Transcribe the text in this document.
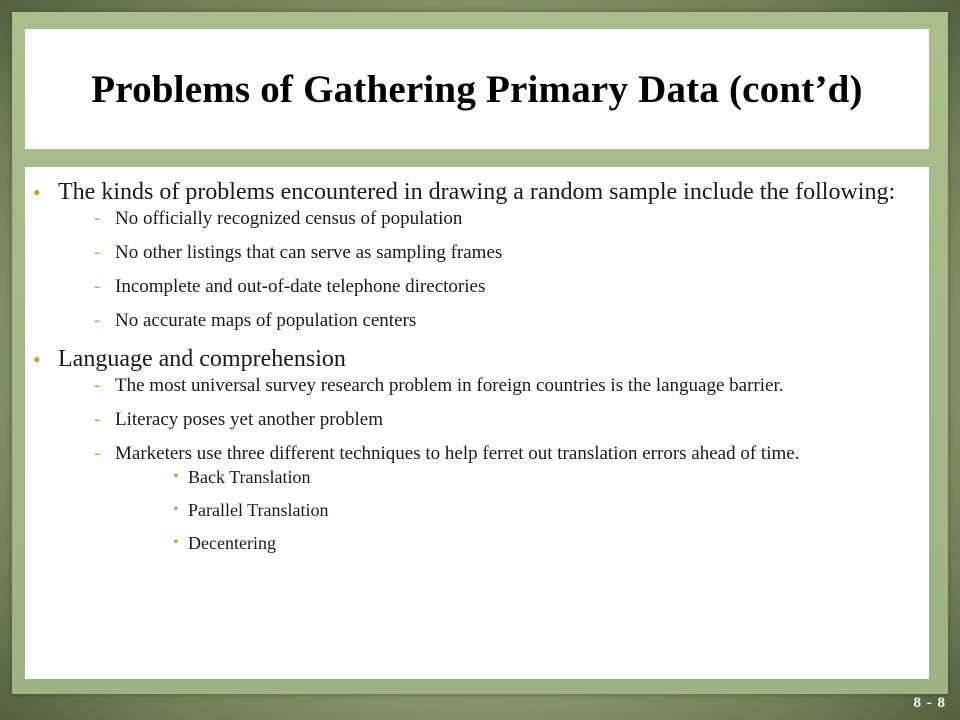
Problems of Gathering Primary Data (cont’d)
• The kinds of problems encountered in drawing a random sample include the following:
- No officially recognized census of population
- No other listings that can serve as sampling frames
- Incomplete and out-of-date telephone directories
- No accurate maps of population centers
• Language and comprehension
- The most universal survey research problem in foreign countries is the language barrier.
- Literacy poses yet another problem
- Marketers use three different techniques to help ferret out translation errors ahead of time.
• Back Translation
• Parallel Translation
• Decentering
8 - 8
